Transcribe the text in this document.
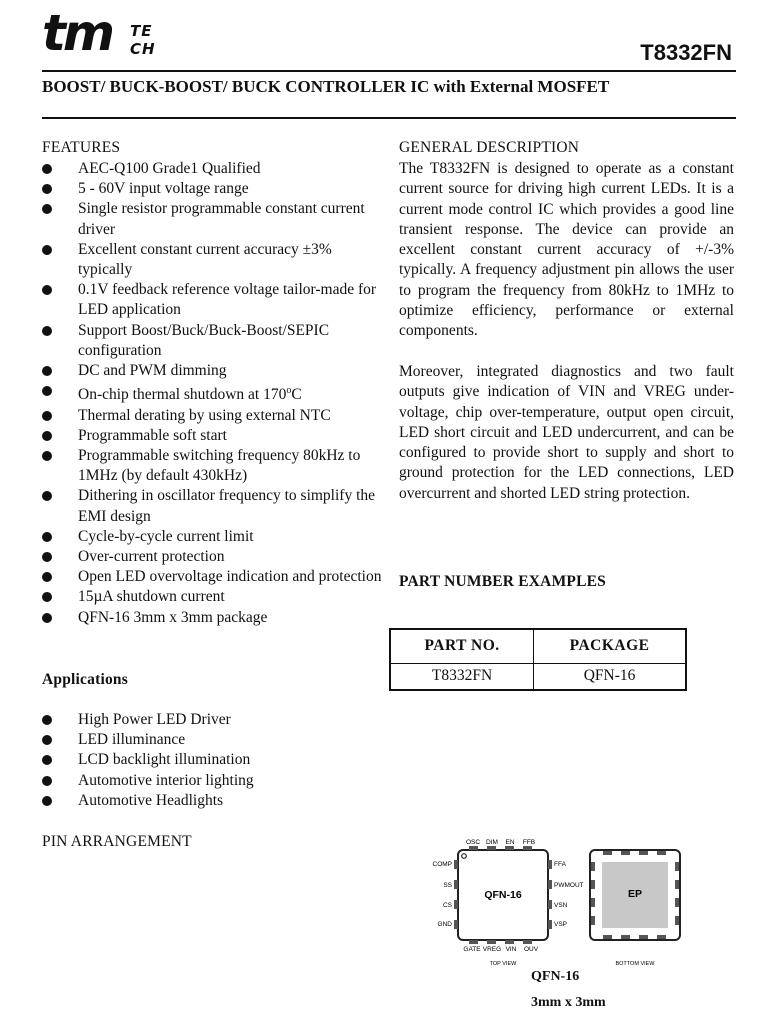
tm TE
CH	T8332FN
BOOST/ BUCK-BOOST/ BUCK CONTROLLER IC with External MOSFET
FEATURES
AEC-Q100 Grade1 Qualified
5 - 60V input voltage range
Single resistor programmable constant current driver
Excellent constant current accuracy ±3% typically
0.1V feedback reference voltage tailor-made for LED application
Support Boost/Buck/Buck-Boost/SEPIC configuration
DC and PWM dimming
On-chip thermal shutdown at 170$^o$C
Thermal derating by using external NTC
Programmable soft start
Programmable switching frequency 80kHz to 1MHz (by default 430kHz)
Dithering in oscillator frequency to simplify the EMI design
Cycle-by-cycle current limit
Over-current protection
Open LED overvoltage indication and protection
15µA shutdown current
QFN-16 3mm x 3mm package
Applications
High Power LED Driver
LED illuminance
LCD backlight illumination
Automotive interior lighting
Automotive Headlights
PIN ARRANGEMENT
GENERAL DESCRIPTION

The T8332FN is designed to operate as a constant current source for driving high current LEDs. It is a current mode control IC which provides a good line transient response. The device can provide an excellent constant current accuracy of +/-3% typically. A frequency adjustment pin allows the user to program the frequency from 80kHz to 1MHz to optimize efficiency, performance or external components.

Moreover, integrated diagnostics and two fault outputs give indication of VIN and VREG under-voltage, chip over-temperature, output open circuit, LED short circuit and LED undercurrent, and can be configured to provide short to supply and short to ground protection for the LED connections, LED overcurrent and shorted LED string protection.

PART NUMBER EXAMPLES
PART NO.	PACKAGE
T8332FN	QFN-16
QFN-16
OSC DIM EN FFB
GATE VREG VIN OUV
COMP
SS
CS
GND
FFA
PWMOUT
VSN
VSP
TOP VIEW
EP
BOTTOM VIEW
QFN-16
3mm x 3mm
